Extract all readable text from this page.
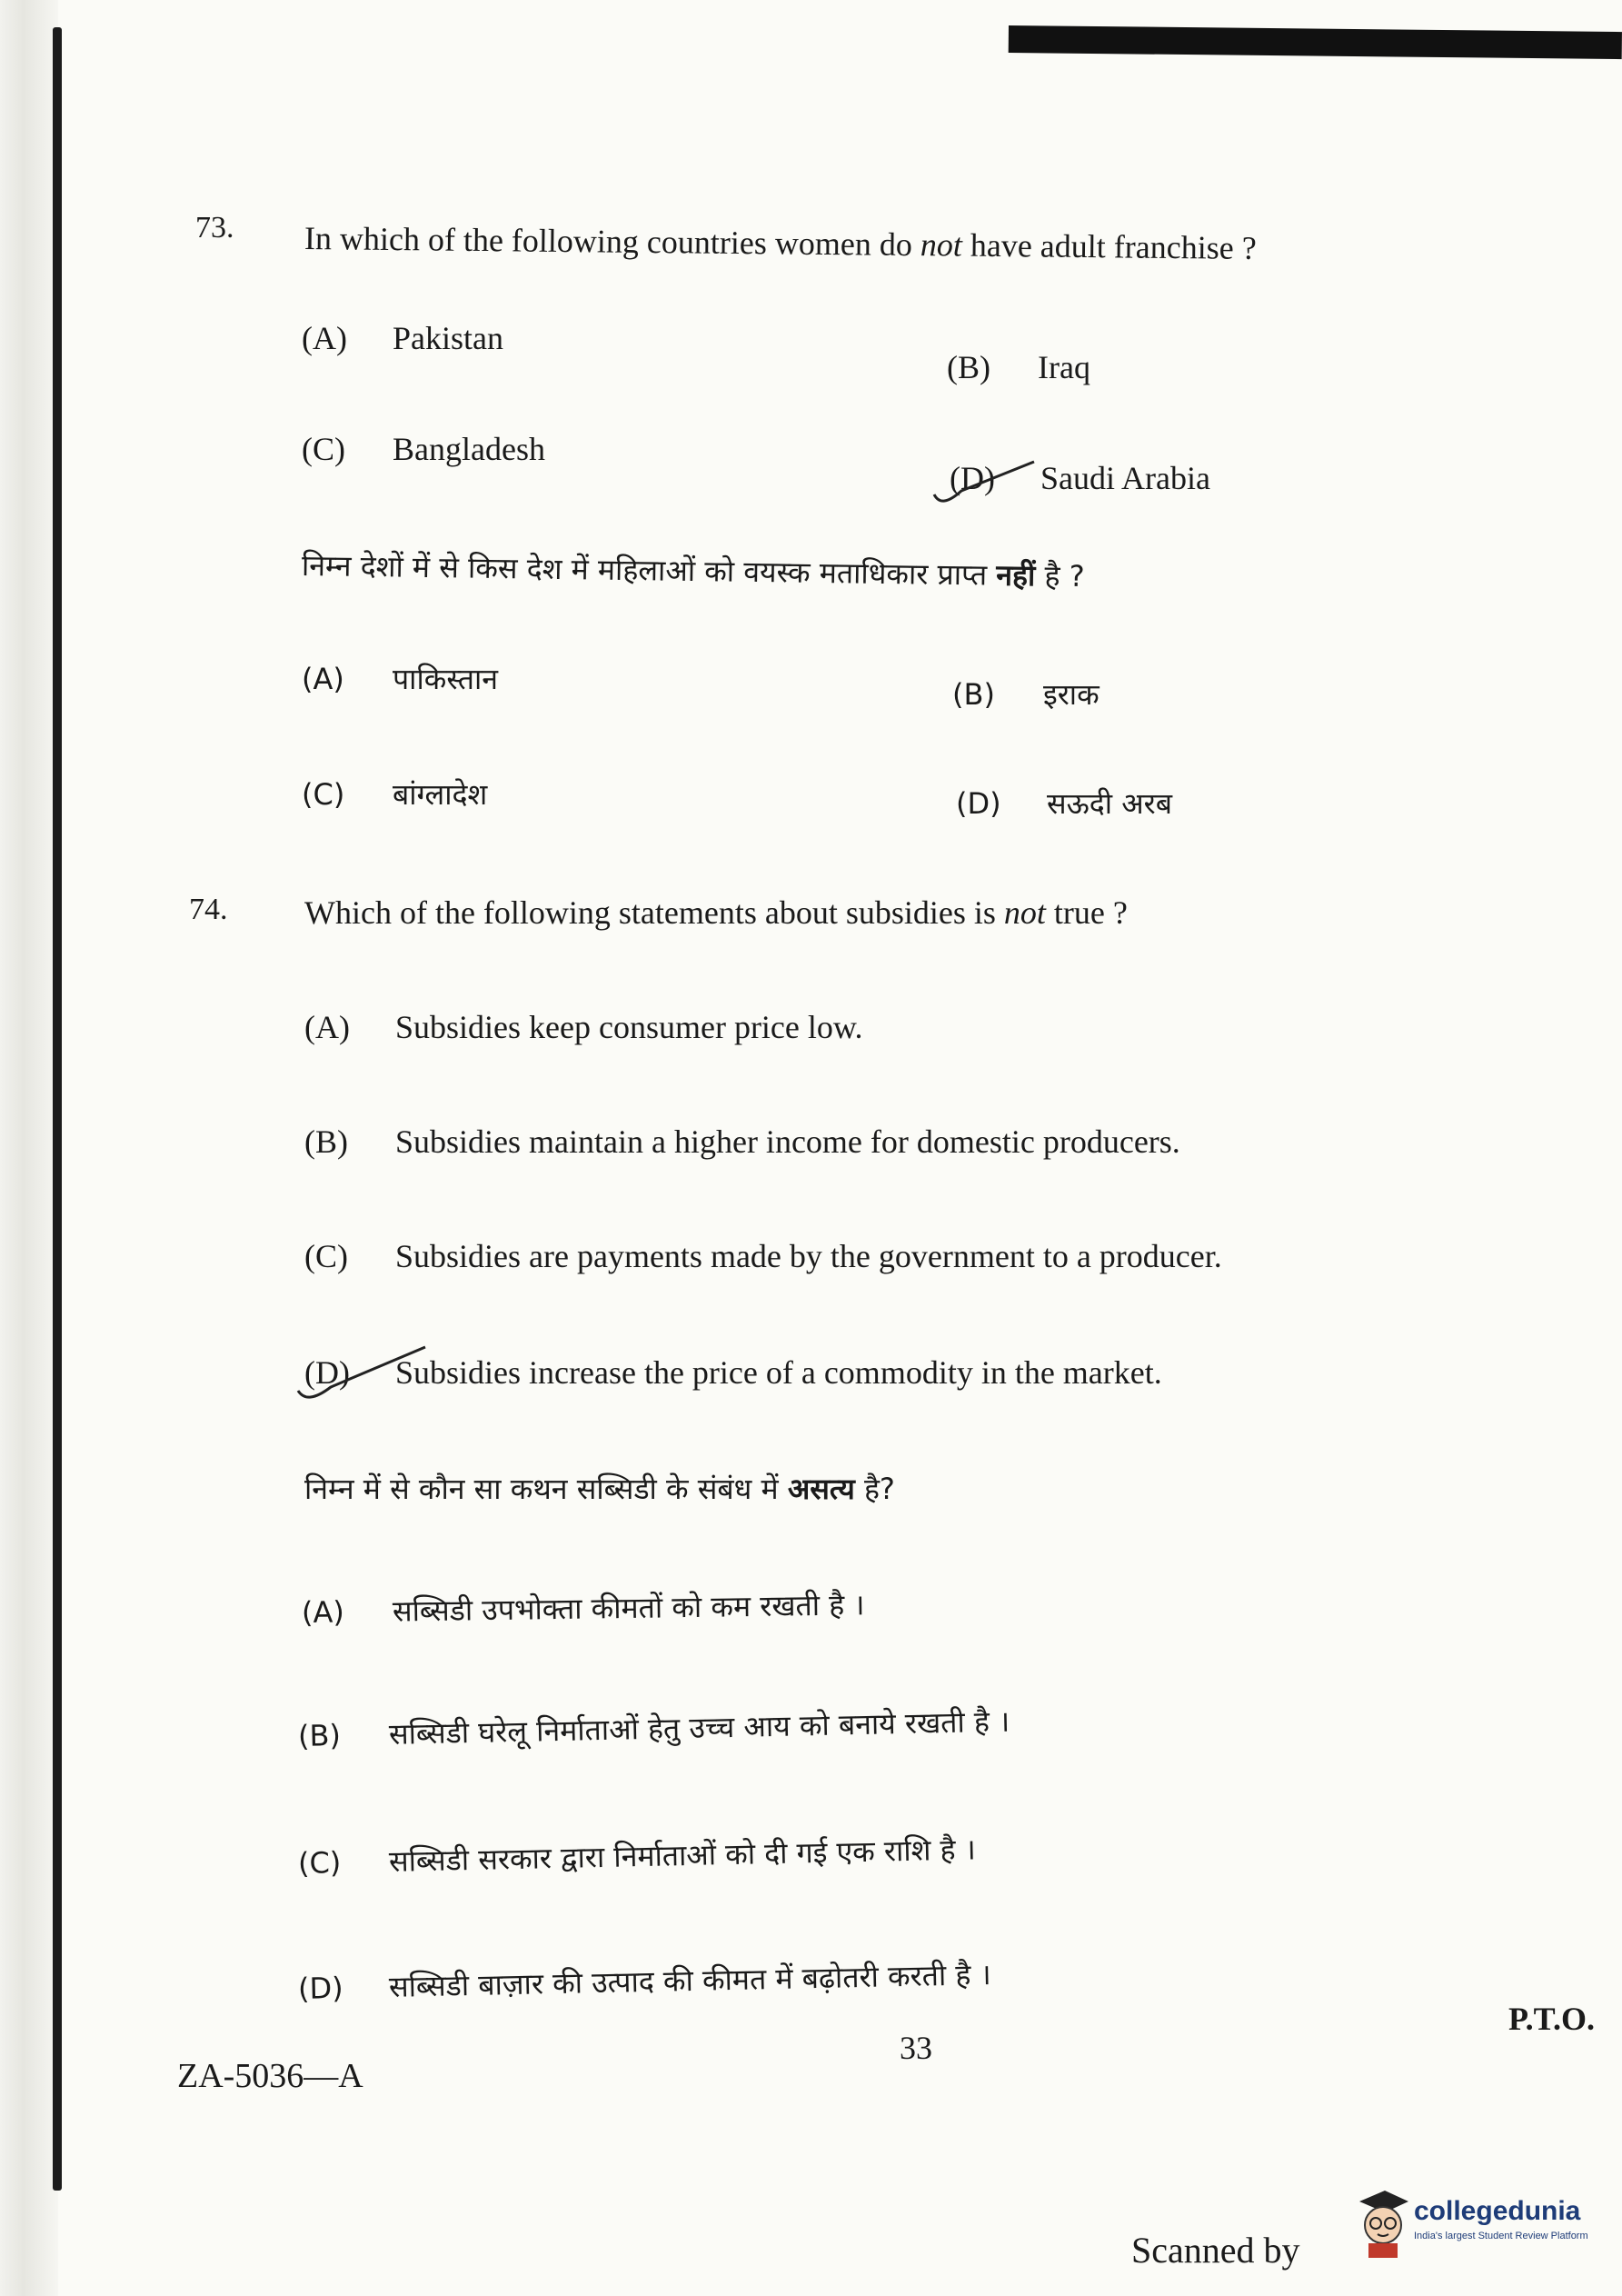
73. In which of the following countries women do not have adult franchise ?
(A) Pakistan
(B) Iraq
(C) Bangladesh
(D) Saudi Arabia
निम्न देशों में से किस देश में महिलाओं को वयस्क मताधिकार प्राप्त नहीं है ?
(A) पाकिस्तान	(B) इराक
(C) बांग्लादेश	(D) सऊदी अरब
74. Which of the following statements about subsidies is not true ?
(A) Subsidies keep consumer price low.
(B) Subsidies maintain a higher income for domestic producers.
(C) Subsidies are payments made by the government to a producer.
(D) Subsidies increase the price of a commodity in the market.
निम्न में से कौन सा कथन सब्सिडी के संबंध में असत्य है?
(A) सब्सिडी उपभोक्ता कीमतों को कम रखती है ।
(B) सब्सिडी घरेलू निर्माताओं हेतु उच्च आय को बनाये रखती है ।
(C) सब्सिडी सरकार द्वारा निर्माताओं को दी गई एक राशि है ।
(D) सब्सिडी बाज़ार की उत्पाद की कीमत में बढ़ोतरी करती है ।
33
P.T.O.
ZA-5036—A
Scanned by
collegedunia
India's largest Student Review Platform
